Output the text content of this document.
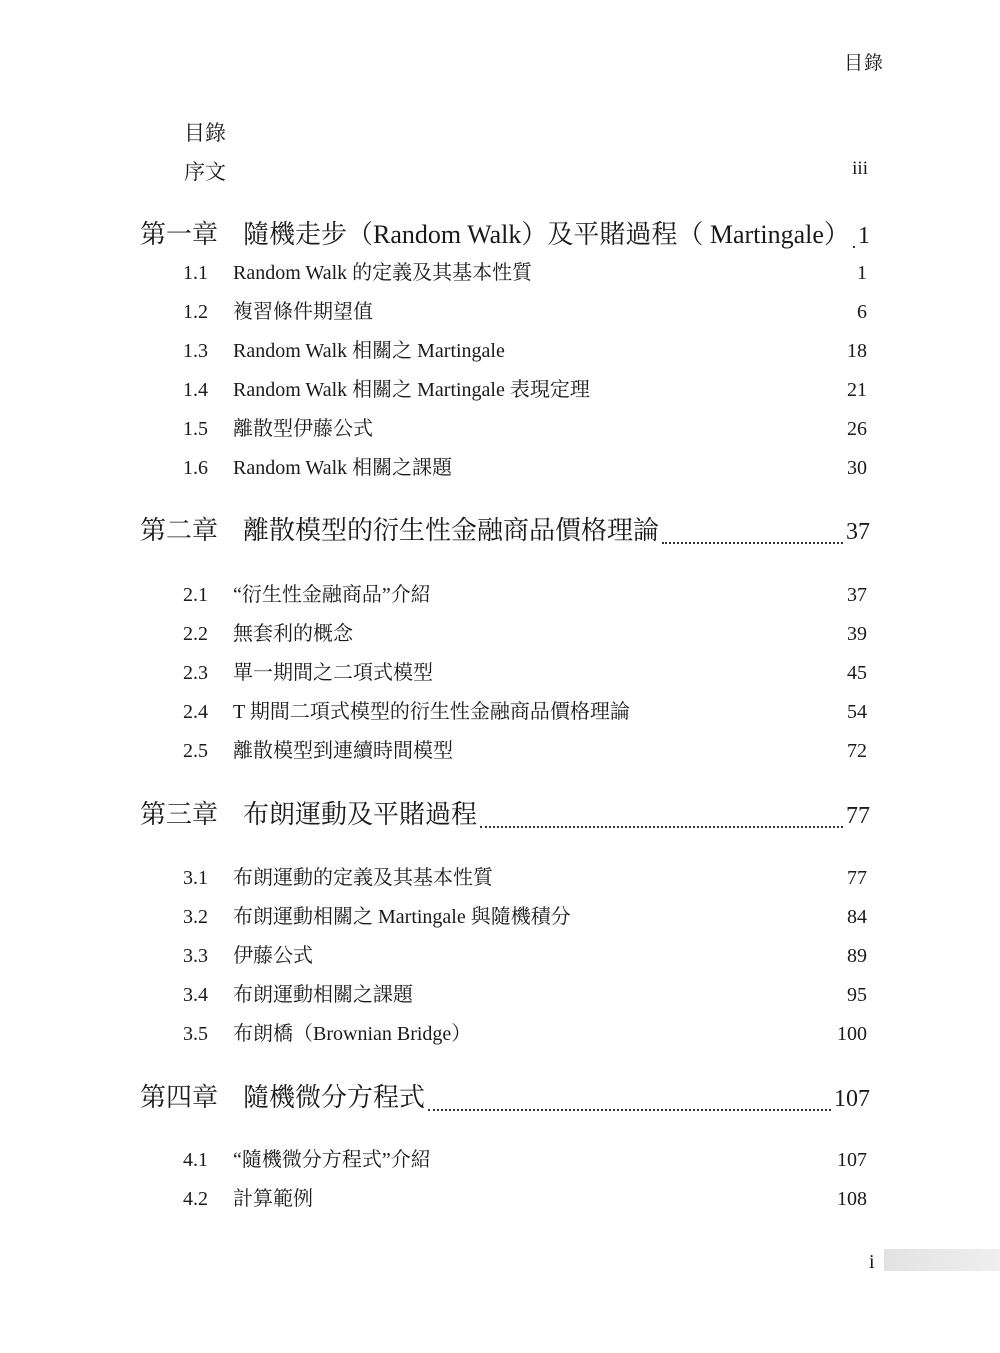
目錄
目錄
序文	iii
第一章 隨機走步（Random Walk）及平賭過程（ Martingale） 1
1.1	Random Walk 的定義及其基本性質	1
1.2	複習條件期望值	6
1.3	Random Walk 相關之 Martingale	18
1.4	Random Walk 相關之 Martingale 表現定理	21
1.5	離散型伊藤公式	26
1.6	Random Walk 相關之課題	30
第二章 離散模型的衍生性金融商品價格理論	37
2.1	“衍生性金融商品”介紹	37
2.2	無套利的概念	39
2.3	單一期間之二項式模型	45
2.4	T 期間二項式模型的衍生性金融商品價格理論	54
2.5	離散模型到連續時間模型	72
第三章 布朗運動及平賭過程	77
3.1	布朗運動的定義及其基本性質	77
3.2	布朗運動相關之 Martingale 與隨機積分	84
3.3	伊藤公式	89
3.4	布朗運動相關之課題	95
3.5	布朗橋（Brownian Bridge）	100
第四章 隨機微分方程式	107
4.1	“隨機微分方程式”介紹	107
4.2	計算範例	108
i
